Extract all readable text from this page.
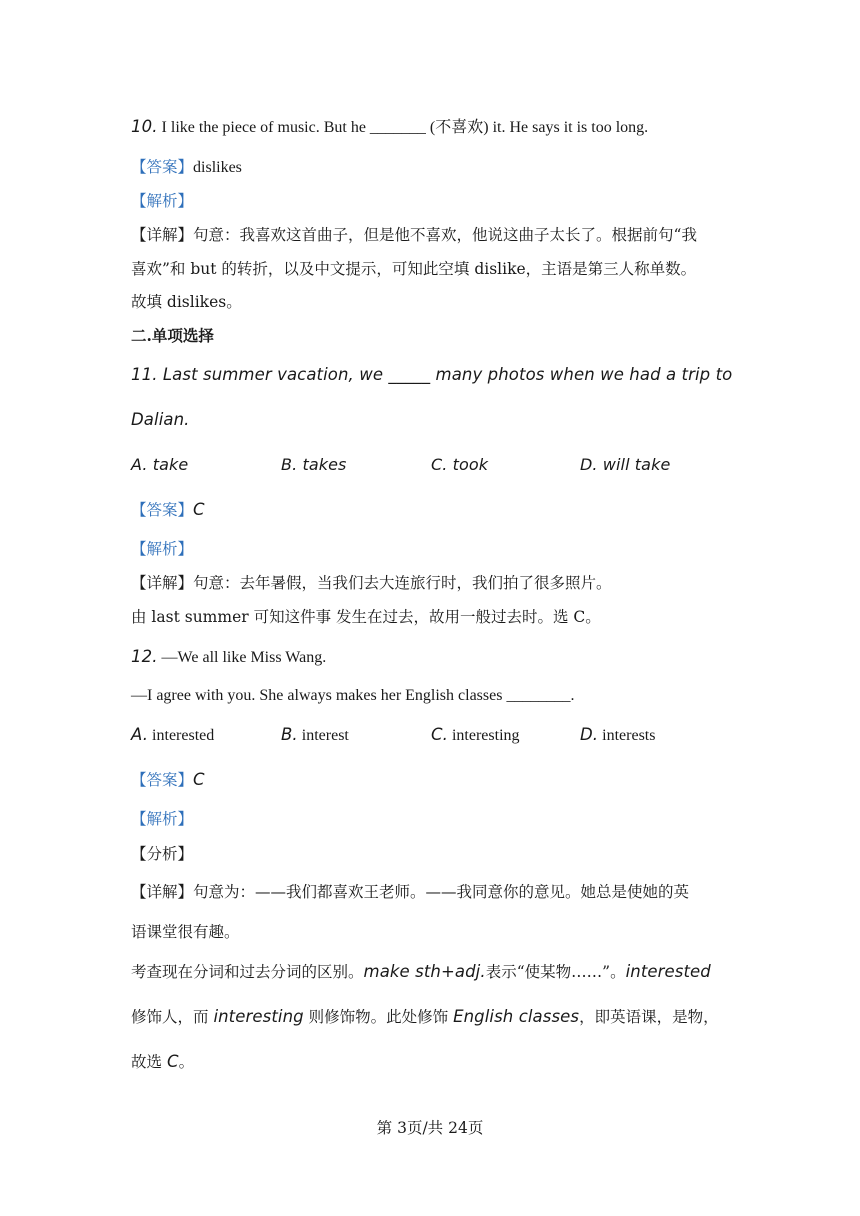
10. I like the piece of music. But he _______ (不喜欢) it. He says it is too long.
【答案】dislikes
【解析】
【详解】句意：我喜欢这首曲子，但是他不喜欢，他说这曲子太长了。根据前句“我
喜欢”和 but 的转折，以及中文提示，可知此空填 dislike，主语是第三人称单数。
故填 dislikes。
二.单项选择
11. Last summer vacation, we _____ many photos when we had a trip to
Dalian.
A. take	B. takes	C. took	D. will take
【答案】C
【解析】
【详解】句意：去年暑假，当我们去大连旅行时，我们拍了很多照片。
由 last summer 可知这件事 发生在过去，故用一般过去时。选 C。
12. —We all like Miss Wang.
—I agree with you. She always makes her English classes ________.
A. interested	B. interest	C. interesting	D. interests
【答案】C
【解析】
【分析】
【详解】句意为：——我们都喜欢王老师。——我同意你的意见。她总是使她的英
语课堂很有趣。
考查现在分词和过去分词的区别。make sth+adj.表示“使某物……”。interested
修饰人，而 interesting 则修饰物。此处修饰 English classes，即英语课，是物，
故选 C。
第 3页/共 24页
